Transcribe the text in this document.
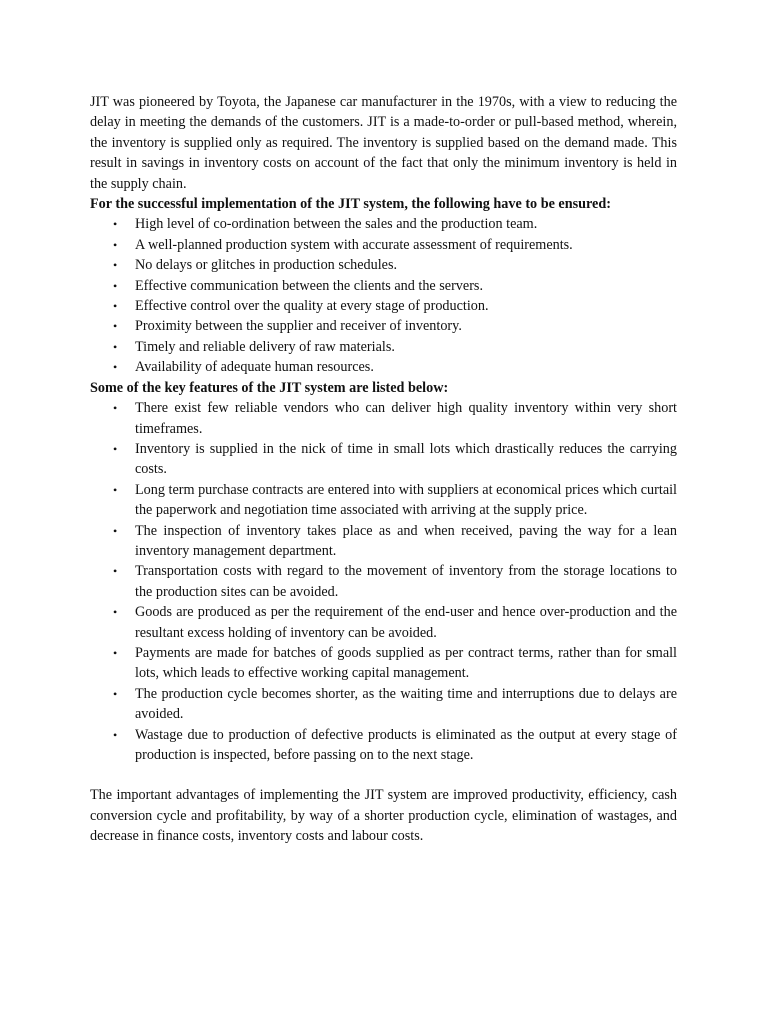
JIT was pioneered by Toyota, the Japanese car manufacturer in the 1970s, with a view to reducing the delay in meeting the demands of the customers. JIT is a made-to-order or pull-based method, wherein, the inventory is supplied only as required. The inventory is supplied based on the demand made. This result in savings in inventory costs on account of the fact that only the minimum inventory is held in the supply chain.

For the successful implementation of the JIT system, the following have to be ensured:

• High level of co-ordination between the sales and the production team.
• A well-planned production system with accurate assessment of requirements.
• No delays or glitches in production schedules.
• Effective communication between the clients and the servers.
• Effective control over the quality at every stage of production.
• Proximity between the supplier and receiver of inventory.
• Timely and reliable delivery of raw materials.
• Availability of adequate human resources.

Some of the key features of the JIT system are listed below:

• There exist few reliable vendors who can deliver high quality inventory within very short timeframes.
• Inventory is supplied in the nick of time in small lots which drastically reduces the carrying costs.
• Long term purchase contracts are entered into with suppliers at economical prices which curtail the paperwork and negotiation time associated with arriving at the supply price.
• The inspection of inventory takes place as and when received, paving the way for a lean inventory management department.
• Transportation costs with regard to the movement of inventory from the storage locations to the production sites can be avoided.
• Goods are produced as per the requirement of the end-user and hence over-production and the resultant excess holding of inventory can be avoided.
• Payments are made for batches of goods supplied as per contract terms, rather than for small lots, which leads to effective working capital management.
• The production cycle becomes shorter, as the waiting time and interruptions due to delays are avoided.
• Wastage due to production of defective products is eliminated as the output at every stage of production is inspected, before passing on to the next stage.

The important advantages of implementing the JIT system are improved productivity, efficiency, cash conversion cycle and profitability, by way of a shorter production cycle, elimination of wastages, and decrease in finance costs, inventory costs and labour costs.
